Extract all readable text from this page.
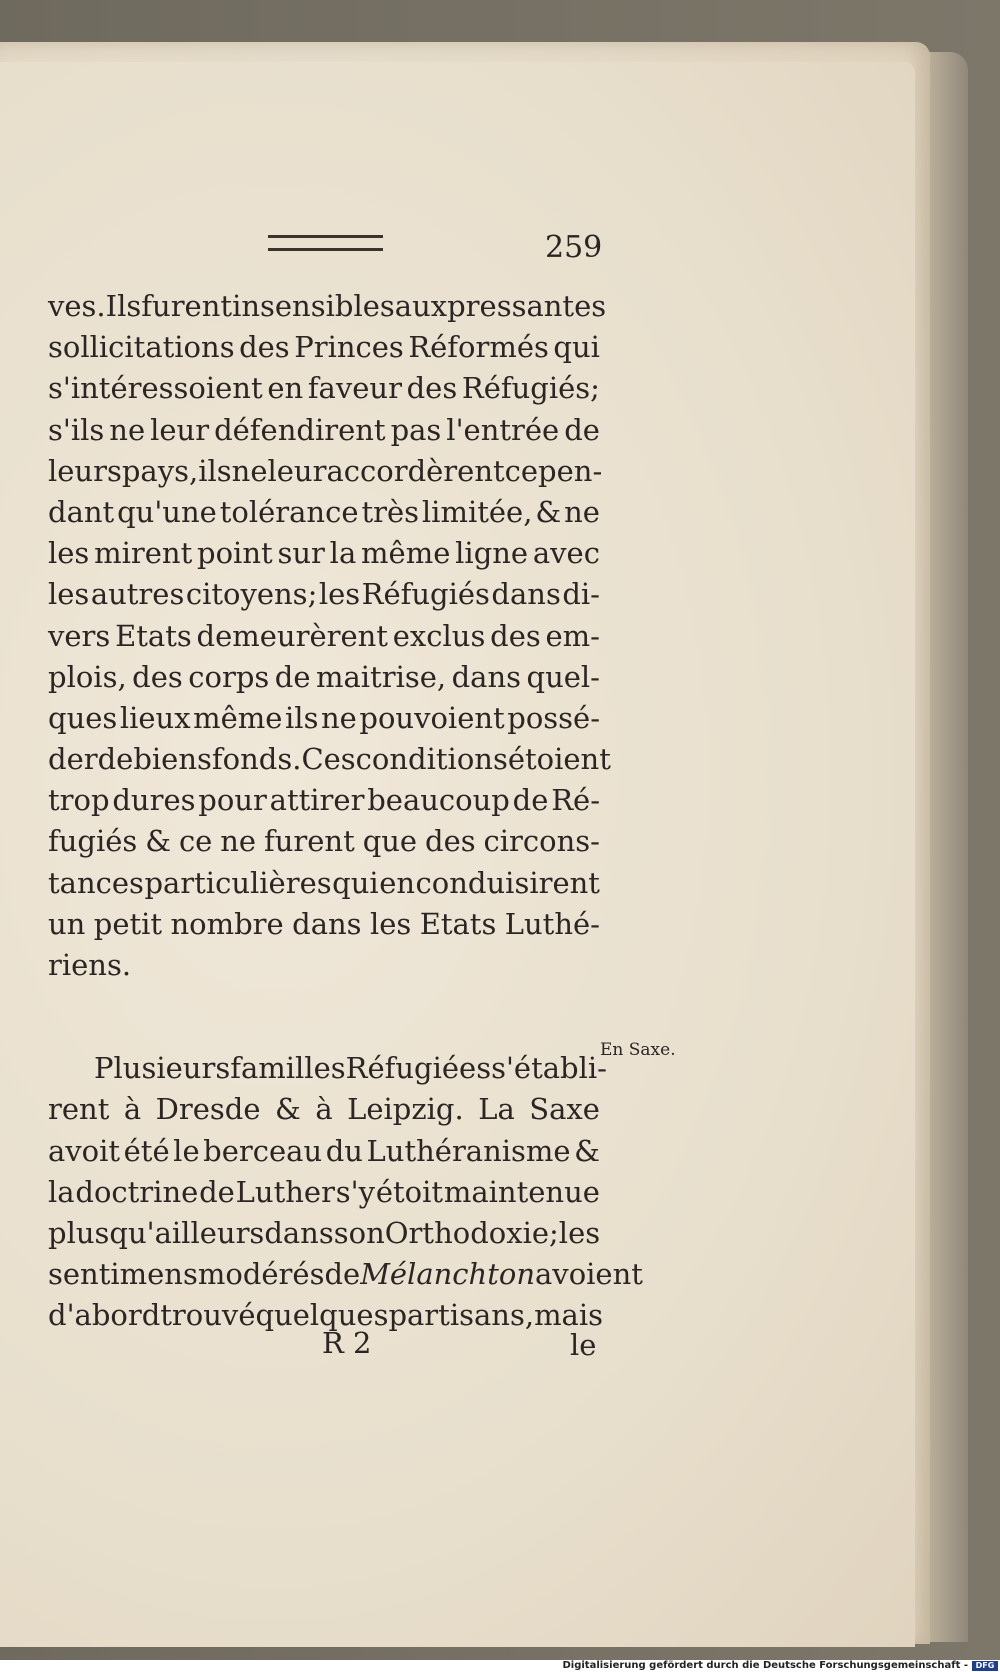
259
ves. Ils furent insensibles aux pressantes
sollicitations des Princes Réformés qui
s'intéressoient en faveur des Réfugiés;
s'ils ne leur défendirent pas l'entrée de
leurs pays, ils ne leur accordèrent cepen-
dant qu'une tolérance très limitée, & ne
les mirent point sur la même ligne avec
les autres citoyens; les Réfugiés dans di-
vers Etats demeurèrent exclus des em-
plois, des corps de maitrise, dans quel-
ques lieux même ils ne pouvoient possé-
der de biens fonds. Ces conditions étoient
trop dures pour attirer beaucoup de Ré-
fugiés & ce ne furent que des circons-
tances particulières qui en conduisirent
un petit nombre dans les Etats Luthé-
riens.
Plusieurs familles Réfugiées s'établi-
rent à Dresde & à Leipzig. La Saxe
avoit été le berceau du Luthéranisme &
la doctrine de Luther s'y étoit maintenue
plus qu'ailleurs dans son Orthodoxie; les
sentimens modérés de Mélanchton avoient
d'abord trouvé quelques partisans, mais
En Saxe.
R 2	le
Digitalisierung gefördert durch die Deutsche Forschungsgemeinschaft - DFG
